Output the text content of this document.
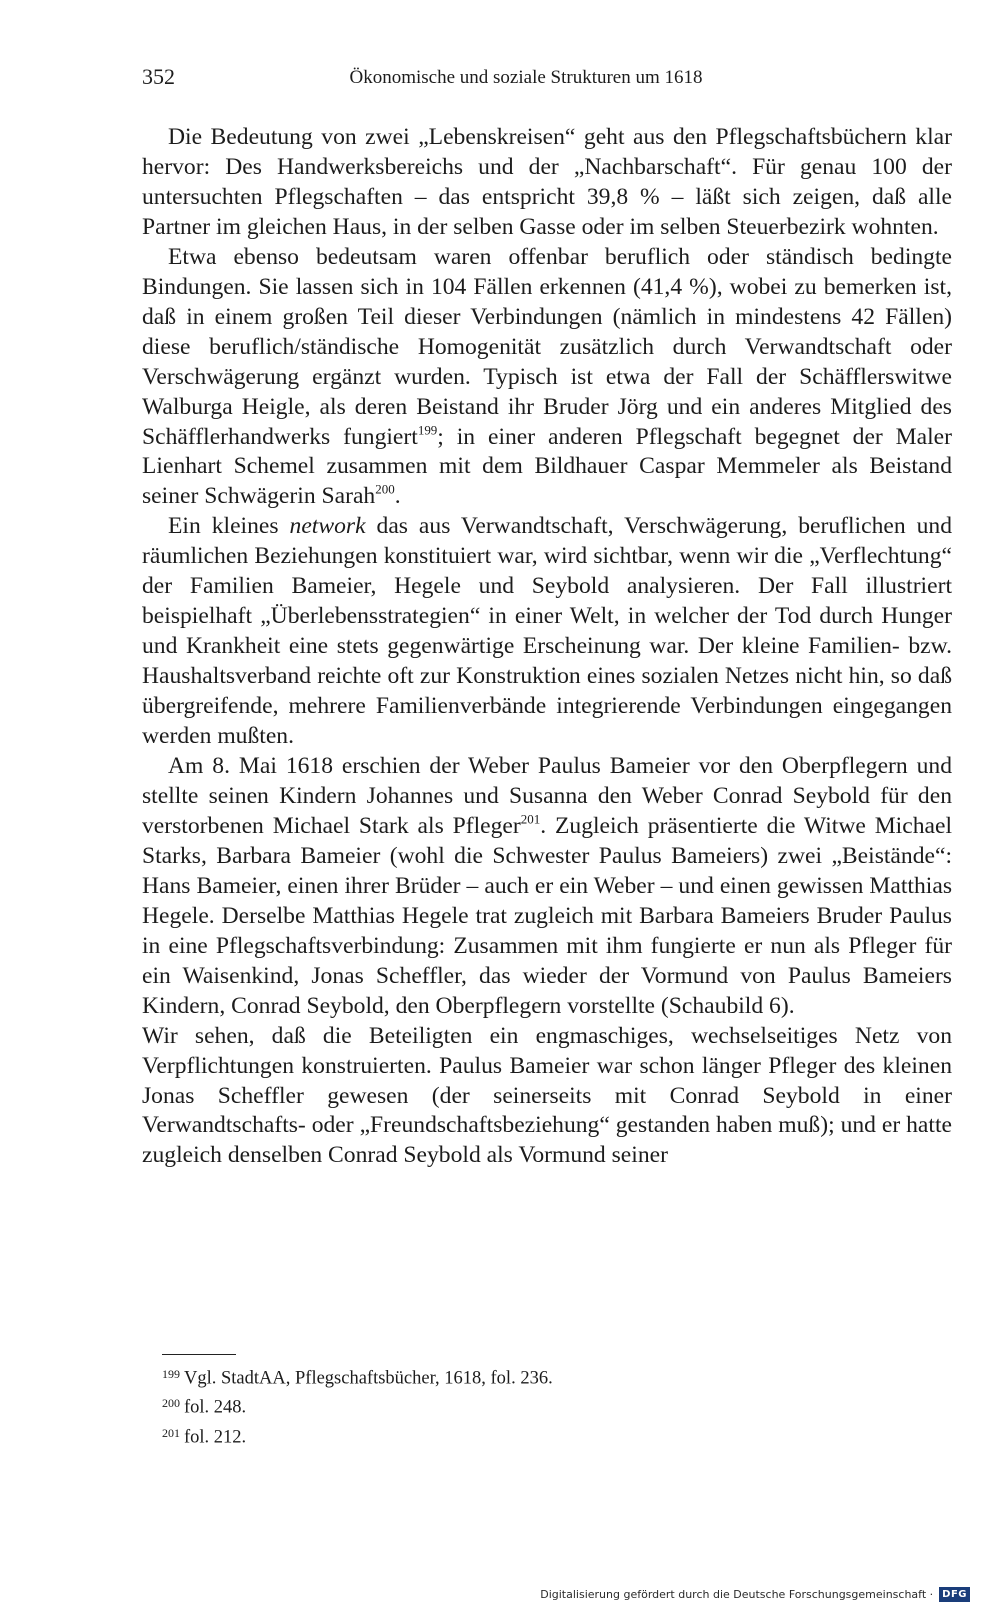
352	Ökonomische und soziale Strukturen um 1618

Die Bedeutung von zwei „Lebenskreisen“ geht aus den Pflegschaftsbüchern klar hervor: Des Handwerksbereichs und der „Nachbarschaft“. Für genau 100 der untersuchten Pflegschaften – das entspricht 39,8 % – läßt sich zeigen, daß alle Partner im gleichen Haus, in der selben Gasse oder im selben Steuerbezirk wohnten.

Etwa ebenso bedeutsam waren offenbar beruflich oder ständisch bedingte Bindungen. Sie lassen sich in 104 Fällen erkennen (41,4 %), wobei zu bemerken ist, daß in einem großen Teil dieser Verbindungen (nämlich in mindestens 42 Fällen) diese beruflich/ständische Homogenität zusätzlich durch Verwandtschaft oder Verschwägerung ergänzt wurden. Typisch ist etwa der Fall der Schäfflerswitwe Walburga Heigle, als deren Beistand ihr Bruder Jörg und ein anderes Mitglied des Schäfflerhandwerks fungiert$^{199}$; in einer anderen Pflegschaft begegnet der Maler Lienhart Schemel zusammen mit dem Bildhauer Caspar Memmeler als Beistand seiner Schwägerin Sarah$^{200}$.

Ein kleines network das aus Verwandtschaft, Verschwägerung, beruflichen und räumlichen Beziehungen konstituiert war, wird sichtbar, wenn wir die „Verflechtung“ der Familien Bameier, Hegele und Seybold analysieren. Der Fall illustriert beispielhaft „Überlebensstrategien“ in einer Welt, in welcher der Tod durch Hunger und Krankheit eine stets gegenwärtige Erscheinung war. Der kleine Familien- bzw. Haushaltsverband reichte oft zur Konstruktion eines sozialen Netzes nicht hin, so daß übergreifende, mehrere Familienverbände integrierende Verbindungen eingegangen werden mußten.

Am 8. Mai 1618 erschien der Weber Paulus Bameier vor den Oberpflegern und stellte seinen Kindern Johannes und Susanna den Weber Conrad Seybold für den verstorbenen Michael Stark als Pfleger$^{201}$. Zugleich präsentierte die Witwe Michael Starks, Barbara Bameier (wohl die Schwester Paulus Bameiers) zwei „Beistände“: Hans Bameier, einen ihrer Brüder – auch er ein Weber – und einen gewissen Matthias Hegele. Derselbe Matthias Hegele trat zugleich mit Barbara Bameiers Bruder Paulus in eine Pflegschaftsverbindung: Zusammen mit ihm fungierte er nun als Pfleger für ein Waisenkind, Jonas Scheffler, das wieder der Vormund von Paulus Bameiers Kindern, Conrad Seybold, den Oberpflegern vorstellte (Schaubild 6).

Wir sehen, daß die Beteiligten ein engmaschiges, wechselseitiges Netz von Verpflichtungen konstruierten. Paulus Bameier war schon länger Pfleger des kleinen Jonas Scheffler gewesen (der seinerseits mit Conrad Seybold in einer Verwandtschafts- oder „Freundschaftsbeziehung“ gestanden haben muß); und er hatte zugleich denselben Conrad Seybold als Vormund seiner

199 Vgl. StadtAA, Pflegschaftsbücher, 1618, fol. 236.

200 fol. 248.

201 fol. 212.

Digitalisierung gefördert durch die Deutsche Forschungsgemeinschaft · DFG
